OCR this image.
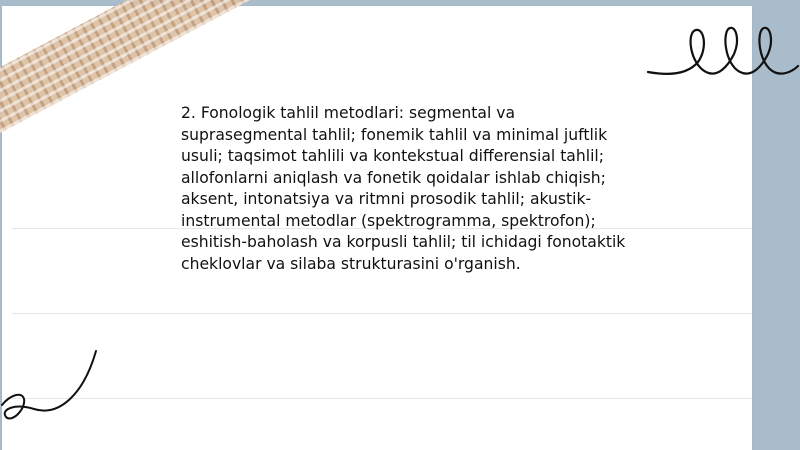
2. Fonologik tahlil metodlari: segmental va suprasegmental tahlil; fonemik tahlil va minimal juftlik usuli; taqsimot tahlili va kontekstual differensial tahlil; allofonlarni aniqlash va fonetik qoidalar ishlab chiqish; aksent, intonatsiya va ritmni prosodik tahlil; akustik-instrumental metodlar (spektrogramma, spektrofon); eshitish-baholash va korpusli tahlil; til ichidagi fonotaktik cheklovlar va silaba strukturasini o'rganish.
